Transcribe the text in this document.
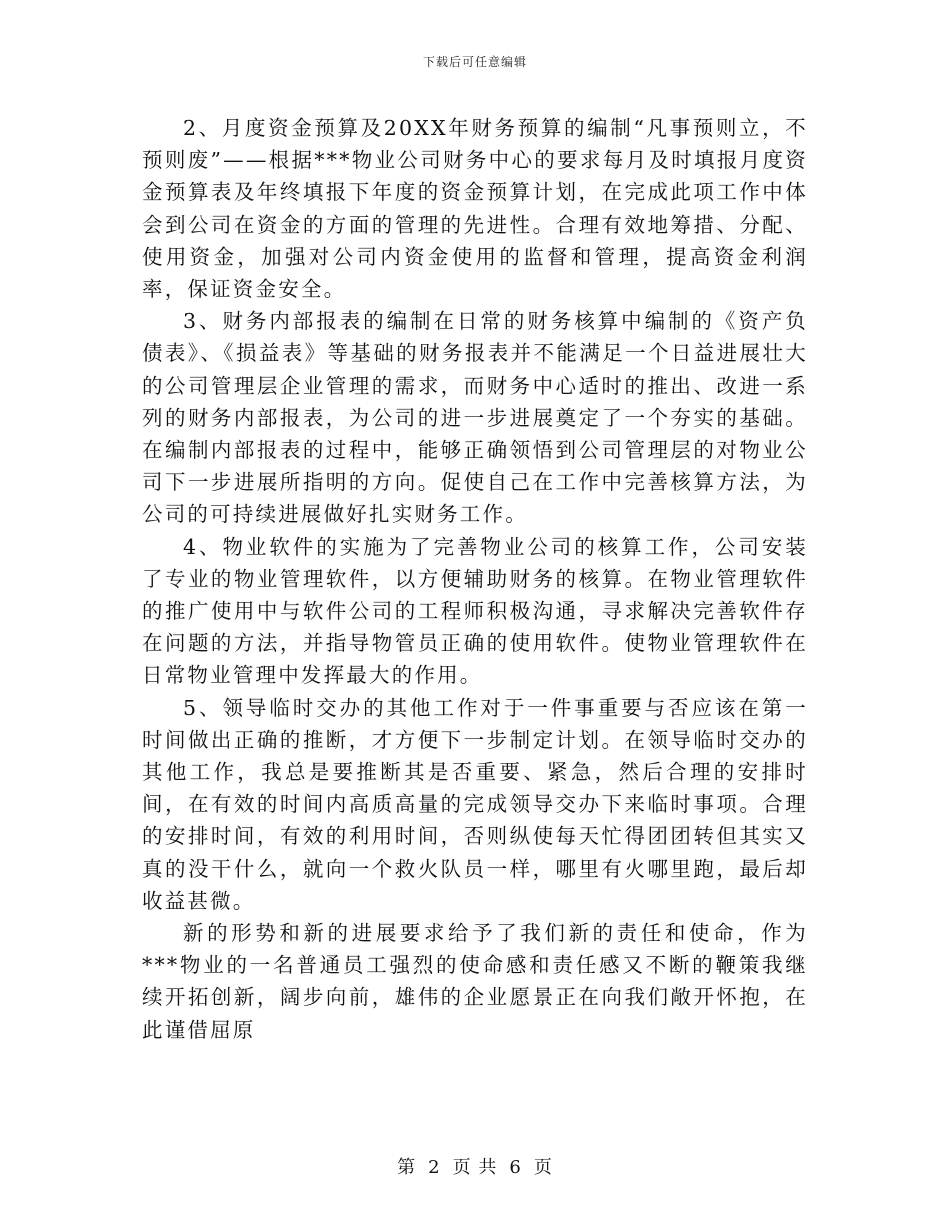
下载后可任意编辑

2、月度资金预算及20XX年财务预算的编制“凡事预则立，不预则废”——根据***物业公司财务中心的要求每月及时填报月度资金预算表及年终填报下年度的资金预算计划，在完成此项工作中体会到公司在资金的方面的管理的先进性。合理有效地筹措、分配、使用资金，加强对公司内资金使用的监督和管理，提高资金利润率，保证资金安全。

3、财务内部报表的编制在日常的财务核算中编制的《资产负债表》、《损益表》等基础的财务报表并不能满足一个日益进展壮大的公司管理层企业管理的需求，而财务中心适时的推出、改进一系列的财务内部报表，为公司的进一步进展奠定了一个夯实的基础。在编制内部报表的过程中，能够正确领悟到公司管理层的对物业公司下一步进展所指明的方向。促使自己在工作中完善核算方法，为公司的可持续进展做好扎实财务工作。

4、物业软件的实施为了完善物业公司的核算工作，公司安装了专业的物业管理软件，以方便辅助财务的核算。在物业管理软件的推广使用中与软件公司的工程师积极沟通，寻求解决完善软件存在问题的方法，并指导物管员正确的使用软件。使物业管理软件在日常物业管理中发挥最大的作用。

5、领导临时交办的其他工作对于一件事重要与否应该在第一时间做出正确的推断，才方便下一步制定计划。在领导临时交办的其他工作，我总是要推断其是否重要、紧急，然后合理的安排时间，在有效的时间内高质高量的完成领导交办下来临时事项。合理的安排时间，有效的利用时间，否则纵使每天忙得团团转但其实又真的没干什么，就向一个救火队员一样，哪里有火哪里跑，最后却收益甚微。

新的形势和新的进展要求给予了我们新的责任和使命，作为***物业的一名普通员工强烈的使命感和责任感又不断的鞭策我继续开拓创新，阔步向前，雄伟的企业愿景正在向我们敞开怀抱，在此谨借屈原

第 2 页 共 6 页
